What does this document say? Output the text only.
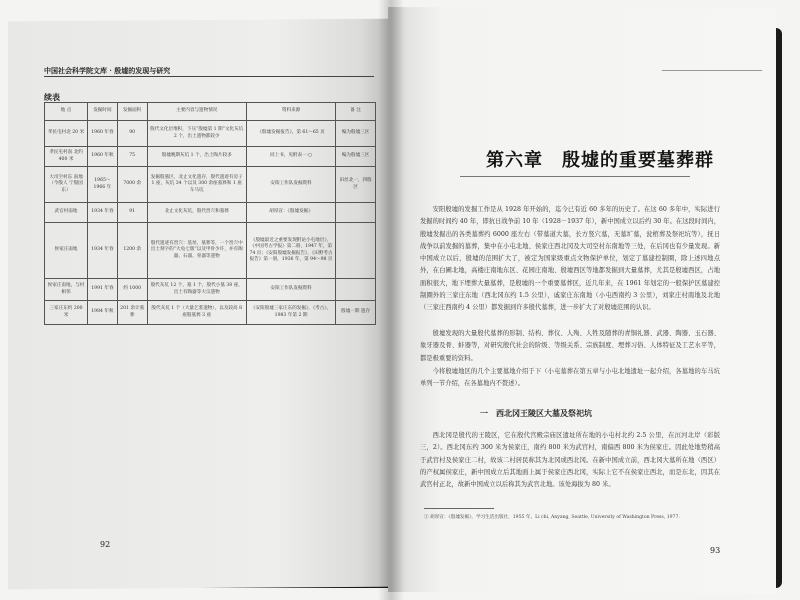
中国社会科学院文库 · 殷墟的发现与研究
续表
地 点	发掘时间	发掘面积	主要内容与遗物情况	资料来源	备 注
孝民屯村北 20 米	1960 年春	90	殷代文化层堆积，下压“殷墟第 1 期”文化灰坑 2 个，出土遗物都较少	《殷墟发掘报告》，第 61～65 页	编为殷墟三区
孝民屯村南 北约 400 米	1960 年秋	75	殷墟晚期灰坑 1 个，出土陶片较多	同上书，见附表一·○	编为殷墟三区
大司空村东 南地（今殷人 宁殷园东）	1965～1966 年	7000 余	发掘殷墓区，北止文化遗存，殷代遗迹有房子 1 座，灰坑 34 个以及 300 余座墓葬和 1 座车马坑	安阳工作队发掘资料	田丝北一，四殷区
武官村南地	1934 年春	91	北止文化灰坑，殷代窖穴和墓葬	胡厚宣：《殷墟发掘》	
侯家庄南地	1934 年春	1200 余	殷代遗迹有窖穴：基址，墓葬等，一个窖穴中出土刻字的“大龟七版”以及甲骨少许，并有陶器、石器、骨器等遗物	《殷墟最近之重要发现附论小屯地层》，《中国考古学报》第二册，1947 年，第 74 页；《安阳殷墟发掘报告》，《田野考古报告》第一册，1936 年，第 94～98 页	
侯家庄南地，与村相邻	1991 年春	约 1000	殷代灰坑 12 个，墓 1 个，殷代小墓 38 座，出土有陶器等大宗遗物	安阳工作队发掘资料	
三家庄东约 200 米	1984 年秋	201 余计墓葬	殷代灰坑 1 个（大量乞浆遗物），以及较高 8 座殷墓葬 3 座	《安阳殷墟三家庄东的发掘》，《考古》，1983 年第 2 期	殷墟一期 遗存
92
第六章　殷墟的重要墓葬群
安阳殷墟的发掘工作是从 1928 年开始的，迄今已有近 60 多年的历史了。在这 60 多年中，实际进行发掘的时间约 40 年，即抗日战争前 10 年（1928－1937 年），新中国成立以后约 30 年。在这段时间内，殷墟发掘出的各类墓葬约 6000 座左右（带墓道大墓，长方竖穴墓，无墓圹墓，瓮棺葬及祭祀坑等），抚日战争以前发掘的墓葬，集中在小屯北地、侯家庄西北冈及大司空村东南地等三处，在后冈也有少量发现。新中国成立以后，殷墟的范围扩大了，被定为国家级重点文物保护单位，划定了墓建控制圈，除上述四地点外，在白圃北地，高楼庄南地东区、花园庄南地、殷墟西区等地都发掘到大量墓葬，尤其是殷墟西区，占地面积很大，地下埋葬大量墓葬，是殷墟的一个重要墓葬区，近几年来，在 1961 年划定的一般保护区墓建控制圈外的三家庄东地（西北冈东约 1.5 公里），戚家庄东南地（小屯西南约 3 公里），刘家庄村南地及北地（三家庄西南约 4 公里）都发掘到许多殷代墓葬，进一步扩大了对殷墟范围的认识。
殷墟发现的大量殷代墓葬的形制、结构、葬仪、人殉、人牲及随葬的青铜礼器、武器、陶器、玉石器、象牙器及骨、蚌器等，对研究殷代社会的阶级、等级关系、宗族制度、埋葬习俗、人体特征及工艺水平等，都是极重要的资料。
今将殷墟地区的几个主要墓地介绍于下（小屯墓葬在第五章与小屯北地遗址一起介绍，各墓地的车马坑单列一节介绍，在各墓地内不赘述）。
一　西北冈王陵区大墓及祭祀坑
西北冈是殷代的王陵区，它在殷代宫殿宗庙区遗址所在地的小屯村北约 2.5 公里，在洹河北岸（彩版三，2）。西北冈东约 300 米为侯家庄，南约 800 米为武官村，南偏西 800 米为侯家庄。因此处地势稍高于武官村及侯家庄二村，故该二村居民称其为北冈或西北冈。在新中国成立前，西北冈大墓所在地（西区）的产权属侯家庄，新中国成立后其地面上属于侯家庄西北冈，实际上它不在侯家庄西北，而是东北，因其在武官村正北，故新中国成立以后称其为武官北地。该处海拔为 80 米。
① 胡厚宣：《殷墟发掘》，学习生活出版社，1955 年。Li chi, Anyang, Seattle, University of Washington Press, 1977.
93
